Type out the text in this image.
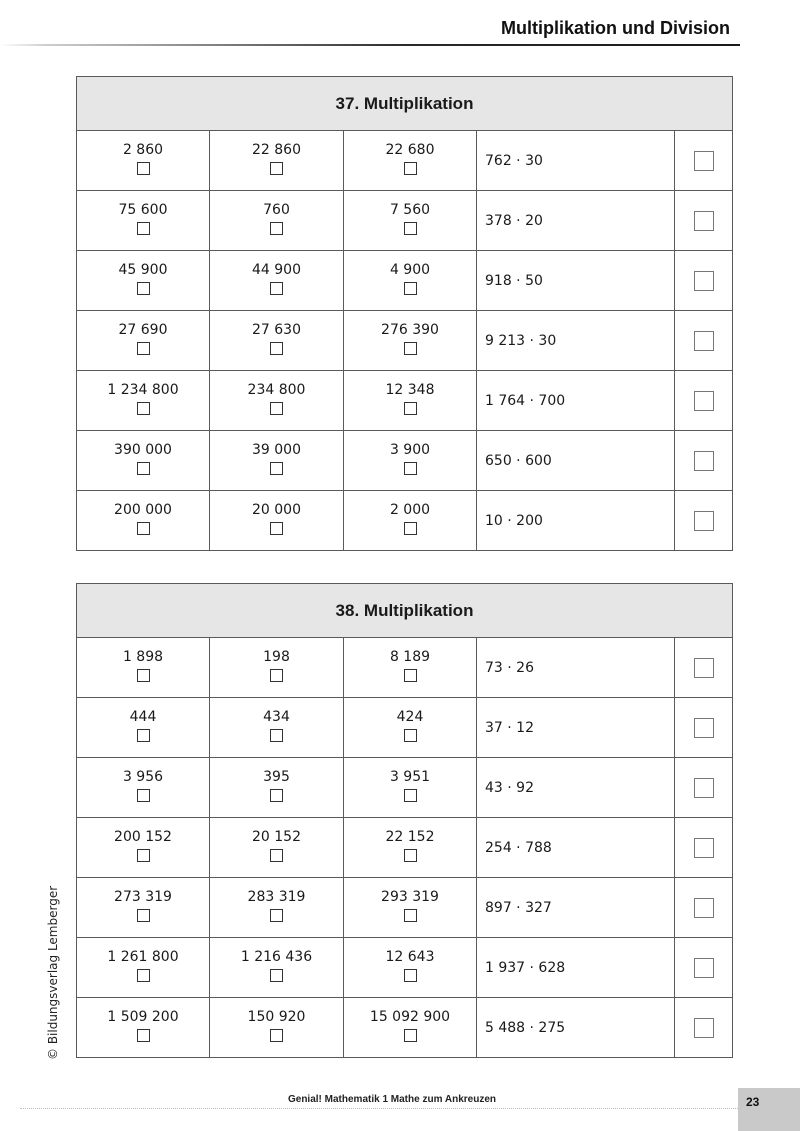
Multiplikation und Division
37. Multiplikation				

2 860	22 860	22 680	762 · 30	

75 600	760	7 560	378 · 20	

45 900	44 900	4 900	918 · 50	

27 690	27 630	276 390	9 213 · 30	

1 234 800	234 800	12 348	1 764 · 700	

390 000	39 000	3 900	650 · 600	

200 000	20 000	2 000	10 · 200	
38. Multiplikation				

1 898	198	8 189	73 · 26	

444	434	424	37 · 12	

3 956	395	3 951	43 · 92	

200 152	20 152	22 152	254 · 788	

273 319	283 319	293 319	897 · 327	

1 261 800	1 216 436	12 643	1 937 · 628	

1 509 200	150 920	15 092 900	5 488 · 275	
© Bildungsverlag Lemberger
Genial! Mathematik 1 Mathe zum Ankreuzen	23
